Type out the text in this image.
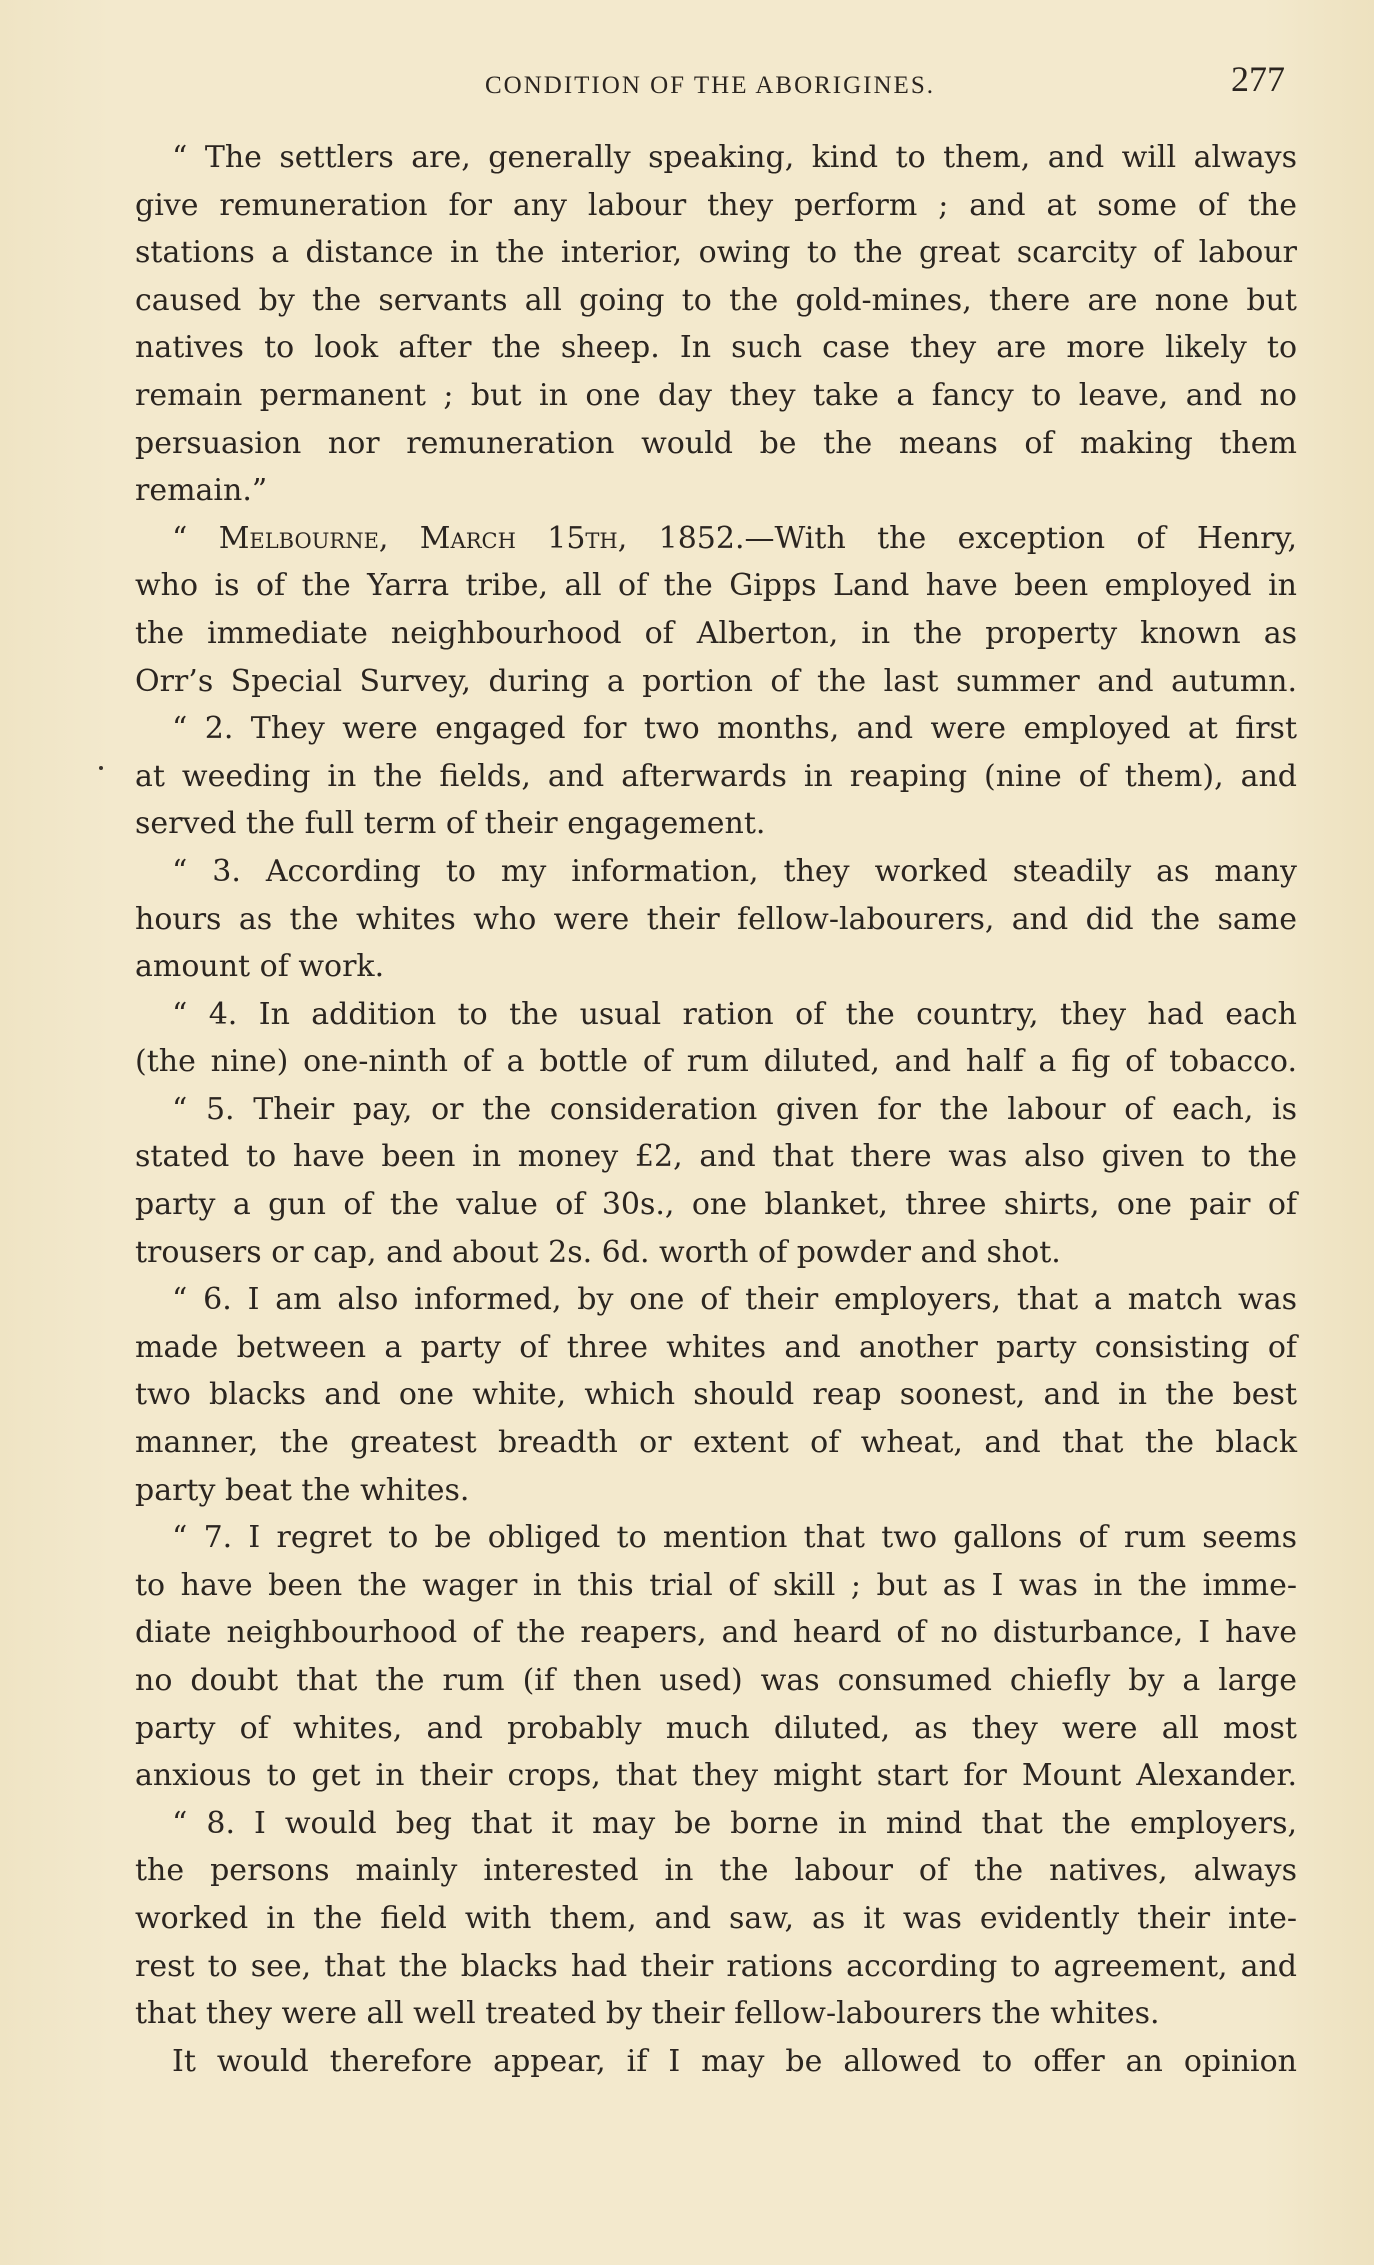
CONDITION OF THE ABORIGINES.	277
“ The settlers are, generally speaking, kind to them, and will always
give remuneration for any labour they perform ; and at some of the
stations a distance in the interior, owing to the great scarcity of labour
caused by the servants all going to the gold-mines, there are none but
natives to look after the sheep. In such case they are more likely to
remain permanent ; but in one day they take a fancy to leave, and no
persuasion nor remuneration would be the means of making them
remain.”
“ Melbourne, March 15th, 1852.—With the exception of Henry,
who is of the Yarra tribe, all of the Gipps Land have been employed in
the immediate neighbourhood of Alberton, in the property known as
Orr’s Special Survey, during a portion of the last summer and autumn.
“ 2. They were engaged for two months, and were employed at first
at weeding in the fields, and afterwards in reaping (nine of them), and
served the full term of their engagement.
“ 3. According to my information, they worked steadily as many
hours as the whites who were their fellow-labourers, and did the same
amount of work.
“ 4. In addition to the usual ration of the country, they had each
(the nine) one-ninth of a bottle of rum diluted, and half a fig of tobacco.
“ 5. Their pay, or the consideration given for the labour of each, is
stated to have been in money £2, and that there was also given to the
party a gun of the value of 30s., one blanket, three shirts, one pair of
trousers or cap, and about 2s. 6d. worth of powder and shot.
“ 6. I am also informed, by one of their employers, that a match was
made between a party of three whites and another party consisting of
two blacks and one white, which should reap soonest, and in the best
manner, the greatest breadth or extent of wheat, and that the black
party beat the whites.
“ 7. I regret to be obliged to mention that two gallons of rum seems
to have been the wager in this trial of skill ; but as I was in the imme-
diate neighbourhood of the reapers, and heard of no disturbance, I have
no doubt that the rum (if then used) was consumed chiefly by a large
party of whites, and probably much diluted, as they were all most
anxious to get in their crops, that they might start for Mount Alexander.
“ 8. I would beg that it may be borne in mind that the employers,
the persons mainly interested in the labour of the natives, always
worked in the field with them, and saw, as it was evidently their inte-
rest to see, that the blacks had their rations according to agreement, and
that they were all well treated by their fellow-labourers the whites.
It would therefore appear, if I may be allowed to offer an opinion
